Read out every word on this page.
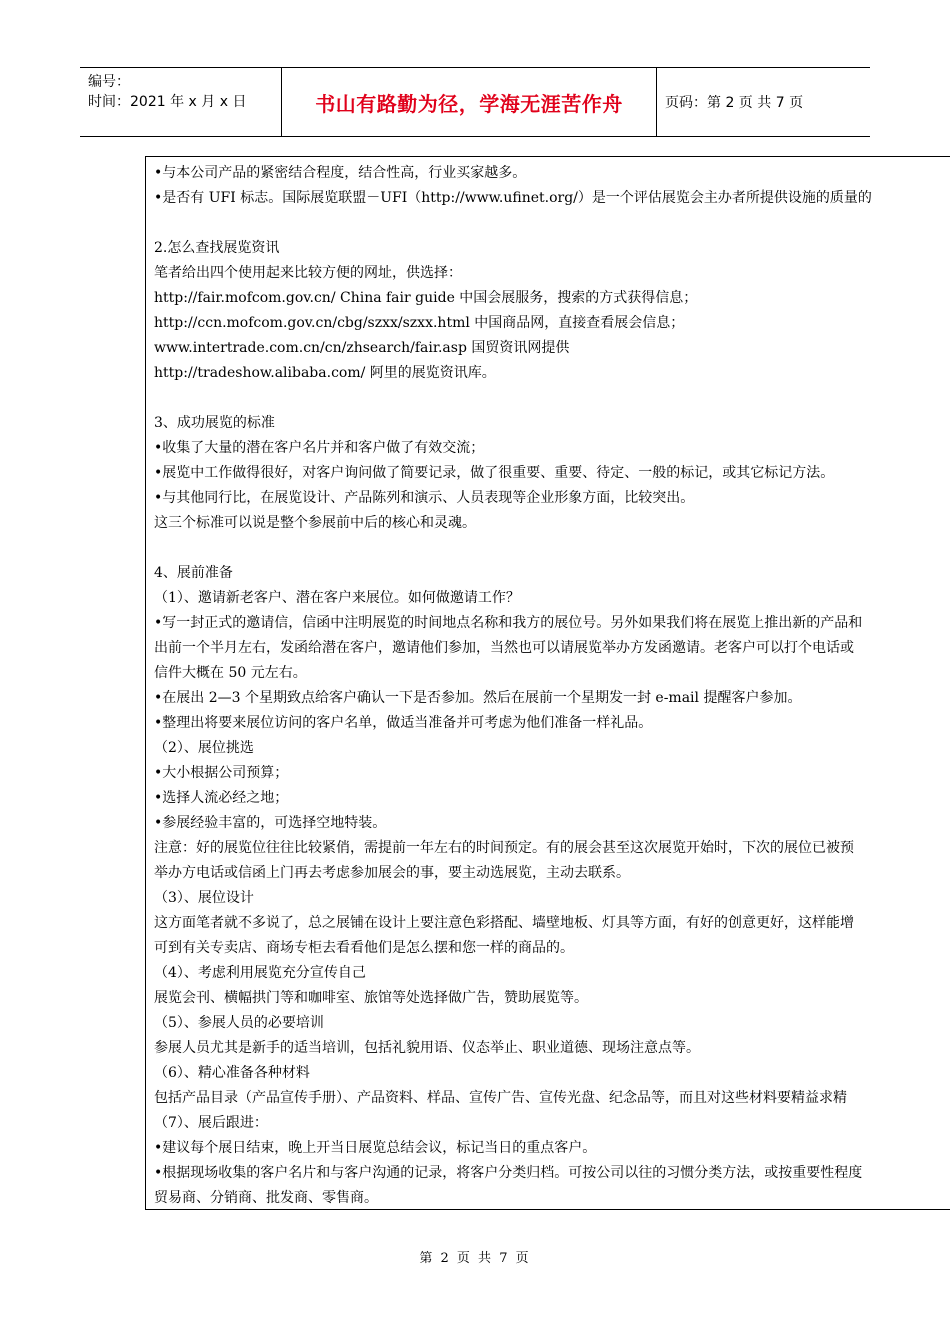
编号：
时间：2021 年 x 月 x 日	书山有路勤为径，学海无涯苦作舟	页码：第 2 页 共 7 页
•与本公司产品的紧密结合程度，结合性高，行业买家越多。
•是否有 UFI 标志。国际展览联盟－UFI（http://www.ufinet.org/）是一个评估展览会主办者所提供设施的质量的
2.怎么查找展览资讯
笔者给出四个使用起来比较方便的网址，供选择：
http://fair.mofcom.gov.cn/ China fair guide 中国会展服务，搜索的方式获得信息；
http://ccn.mofcom.gov.cn/cbg/szxx/szxx.html 中国商品网，直接查看展会信息；
www.intertrade.com.cn/cn/zhsearch/fair.asp 国贸资讯网提供
http://tradeshow.alibaba.com/ 阿里的展览资讯库。
3、成功展览的标准
•收集了大量的潜在客户名片并和客户做了有效交流；
•展览中工作做得很好，对客户询问做了简要记录，做了很重要、重要、待定、一般的标记，或其它标记方法。
•与其他同行比，在展览设计、产品陈列和演示、人员表现等企业形象方面，比较突出。
这三个标准可以说是整个参展前中后的核心和灵魂。
4、展前准备
（1）、邀请新老客户、潜在客户来展位。如何做邀请工作？
•写一封正式的邀请信，信函中注明展览的时间地点名称和我方的展位号。另外如果我们将在展览上推出新的产品和
出前一个半月左右，发函给潜在客户，邀请他们参加，当然也可以请展览举办方发函邀请。老客户可以打个电话或
信件大概在 50 元左右。
•在展出 2—3 个星期致点给客户确认一下是否参加。然后在展前一个星期发一封 e-mail 提醒客户参加。
•整理出将要来展位访问的客户名单，做适当准备并可考虑为他们准备一样礼品。
（2）、展位挑选
•大小根据公司预算；
•选择人流必经之地；
•参展经验丰富的，可选择空地特装。
注意：好的展览位往往比较紧俏，需提前一年左右的时间预定。有的展会甚至这次展览开始时，下次的展位已被预
举办方电话或信函上门再去考虑参加展会的事，要主动选展览，主动去联系。
（3）、展位设计
这方面笔者就不多说了，总之展铺在设计上要注意色彩搭配、墙壁地板、灯具等方面，有好的创意更好，这样能增
可到有关专卖店、商场专柜去看看他们是怎么摆和您一样的商品的。
（4）、考虑利用展览充分宣传自己
展览会刊、横幅拱门等和咖啡室、旅馆等处选择做广告，赞助展览等。
（5）、参展人员的必要培训
参展人员尤其是新手的适当培训，包括礼貌用语、仪态举止、职业道德、现场注意点等。
（6）、精心准备各种材料
包括产品目录（产品宣传手册）、产品资料、样品、宣传广告、宣传光盘、纪念品等，而且对这些材料要精益求精
（7）、展后跟进：
•建议每个展日结束，晚上开当日展览总结会议，标记当日的重点客户。
•根据现场收集的客户名片和与客户沟通的记录，将客户分类归档。可按公司以往的习惯分类方法，或按重要性程度
贸易商、分销商、批发商、零售商。
第 2 页 共 7 页
